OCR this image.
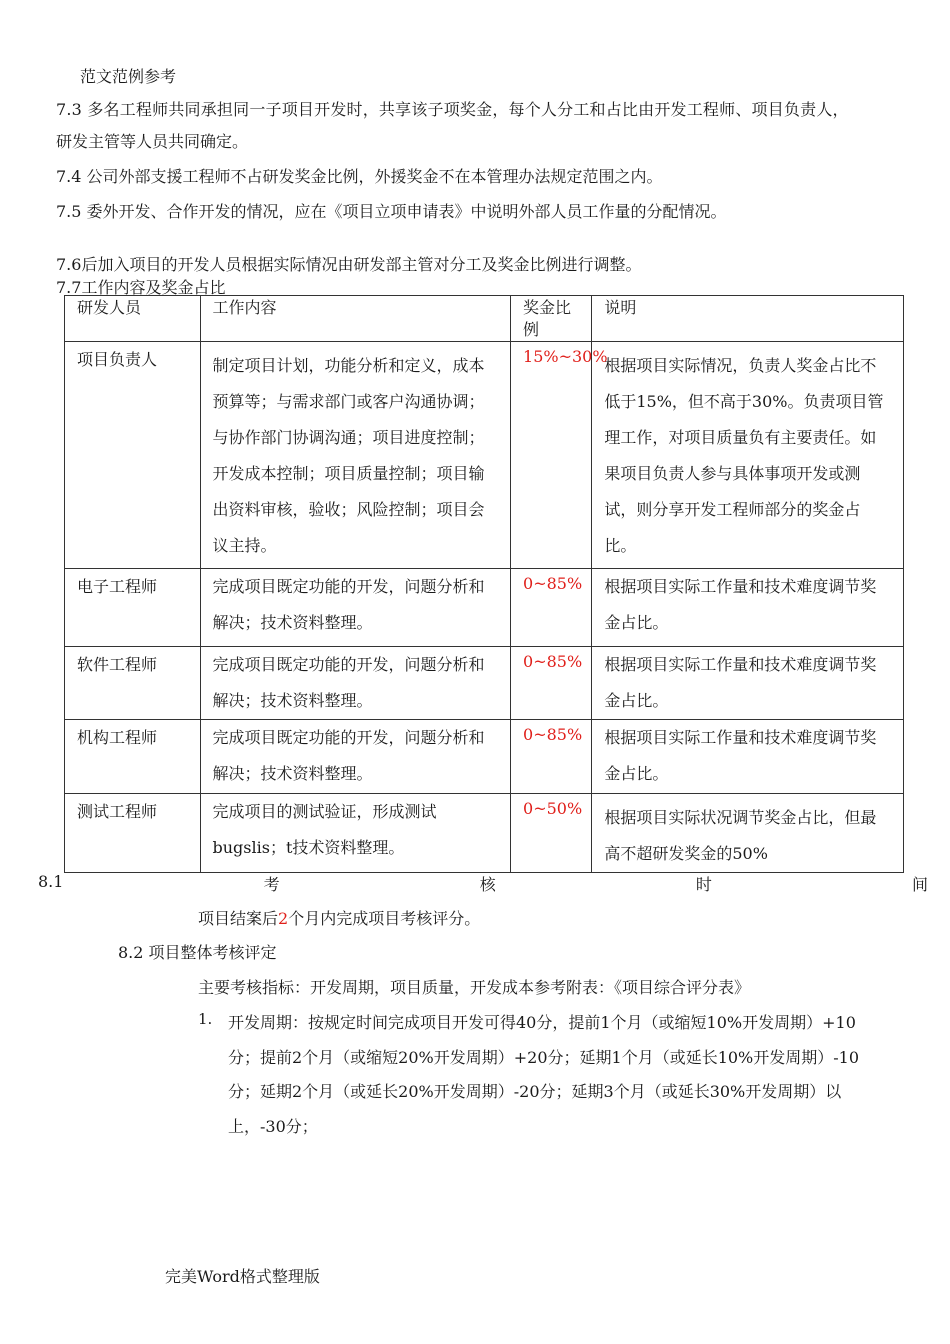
范文范例参考
7.3 多名工程师共同承担同一子项目开发时，共享该子项奖金，每个人分工和占比由开发工程师、项目负责人，
研发主管等人员共同确定。
7.4 公司外部支援工程师不占研发奖金比例，外援奖金不在本管理办法规定范围之内。
7.5 委外开发、合作开发的情况，应在《项目立项申请表》中说明外部人员工作量的分配情况。
7.6后加入项目的开发人员根据实际情况由研发部主管对分工及奖金比例进行调整。
7.7工作内容及奖金占比
研发人员	工作内容	奖金比例	说明
项目负责人	制定项目计划，功能分析和定义，成本预算等；与需求部门或客户沟通协调；与协作部门协调沟通；项目进度控制；开发成本控制；项目质量控制；项目输出资料审核，验收；风险控制；项目会议主持。	15%~30%	根据项目实际情况，负责人奖金占比不低于15%，但不高于30%。负责项目管理工作，对项目质量负有主要责任。如果项目负责人参与具体事项开发或测试，则分享开发工程师部分的奖金占比。
电子工程师	完成项目既定功能的开发，问题分析和解决；技术资料整理。	0~85%	根据项目实际工作量和技术难度调节奖金占比。
软件工程师	完成项目既定功能的开发，问题分析和解决；技术资料整理。	0~85%	根据项目实际工作量和技术难度调节奖金占比。
机构工程师	完成项目既定功能的开发，问题分析和解决；技术资料整理。	0~85%	根据项目实际工作量和技术难度调节奖金占比。
测试工程师	完成项目的测试验证，形成测试bugslis；t技术资料整理。	0~50%	根据项目实际状况调节奖金占比，但最高不超研发奖金的50%
8.1	考	核	时	间
项目结案后2个月内完成项目考核评分。
8.2 项目整体考核评定
主要考核指标：开发周期，项目质量，开发成本参考附表：《项目综合评分表》
1. 开发周期：按规定时间完成项目开发可得40分，提前1个月（或缩短10%开发周期）+10
分；提前2个月（或缩短20%开发周期）+20分；延期1个月（或延长10%开发周期）-10
分；延期2个月（或延长20%开发周期）-20分；延期3个月（或延长30%开发周期）以
上，-30分；
完美Word格式整理版
